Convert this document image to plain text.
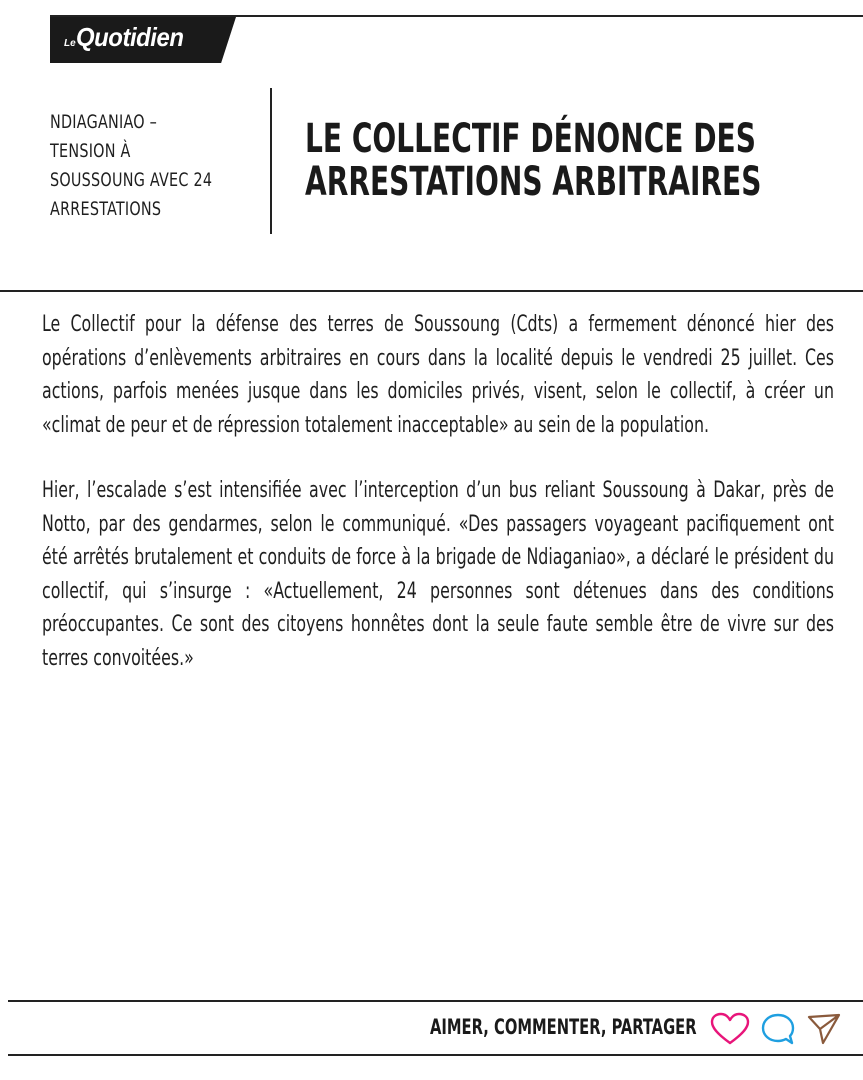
Le Quotidien
NDIAGANIAO –
TENSION À
SOUSSOUNG AVEC 24
ARRESTATIONS
LE COLLECTIF DÉNONCE DES
ARRESTATIONS ARBITRAIRES

Le Collectif pour la défense des terres de Soussoung (Cdts) a fermement dénoncé hier des opérations d’enlèvements arbitraires en cours dans la localité depuis le vendredi 25 juillet. Ces actions, parfois menées jusque dans les domiciles privés, visent, selon le collectif, à créer un «climat de peur et de répression totalement inacceptable» au sein de la population.

Hier, l’escalade s’est intensifiée avec l’interception d’un bus reliant Soussoung à Dakar, près de Notto, par des gendarmes, selon le communiqué. «Des passagers voyageant pacifiquement ont été arrêtés brutalement et conduits de force à la brigade de Ndiaganiao», a déclaré le président du collectif, qui s’insurge : «Actuellement, 24 personnes sont détenues dans des conditions préoccupantes. Ce sont des citoyens honnêtes dont la seule faute semble être de vivre sur des terres convoitées.»

AIMER, COMMENTER, PARTAGER
